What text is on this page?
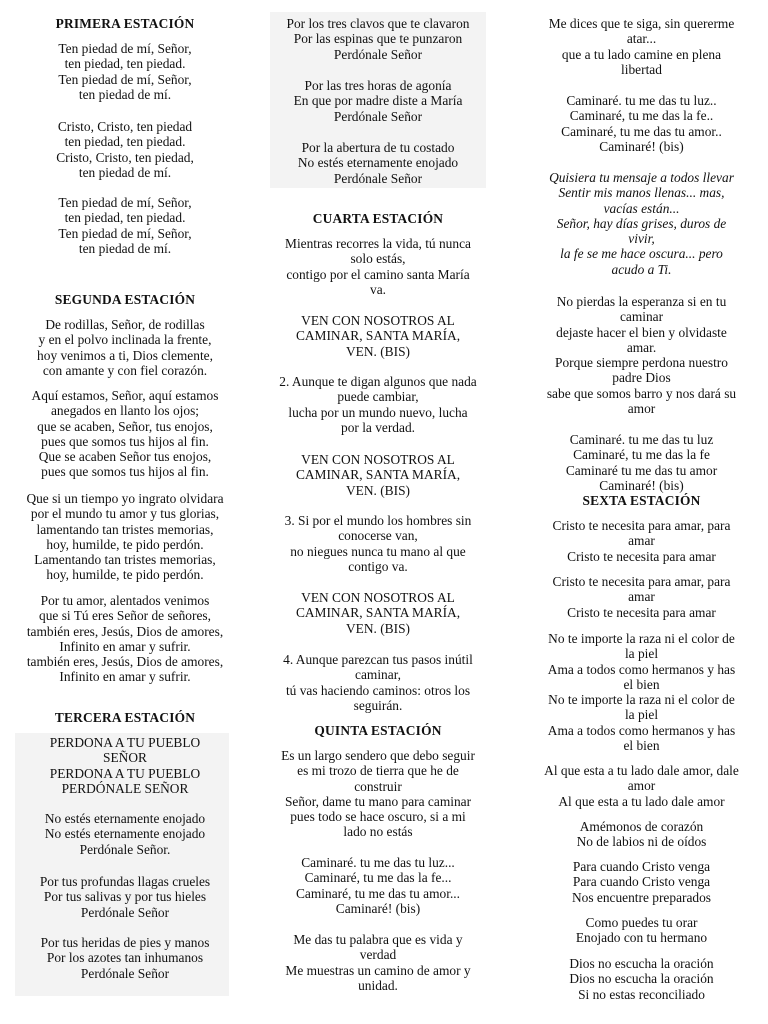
PRIMERA ESTACIÓN
Ten piedad de mí, Señor,
ten piedad, ten piedad.
Ten piedad de mí, Señor,
ten piedad de mí.
Cristo, Cristo, ten piedad
ten piedad, ten piedad.
Cristo, Cristo, ten piedad,
ten piedad de mí.
Ten piedad de mí, Señor,
ten piedad, ten piedad.
Ten piedad de mí, Señor,
ten piedad de mí.
SEGUNDA ESTACIÓN
De rodillas, Señor, de rodillas
y en el polvo inclinada la frente,
hoy venimos a ti, Dios clemente,
con amante y con fiel corazón.
Aquí estamos, Señor, aquí estamos
anegados en llanto los ojos;
que se acaben, Señor, tus enojos,
pues que somos tus hijos al fin.
Que se acaben Señor tus enojos,
pues que somos tus hijos al fin.
Que si un tiempo yo ingrato olvidara
por el mundo tu amor y tus glorias,
lamentando tan tristes memorias,
hoy, humilde, te pido perdón.
Lamentando tan tristes memorias,
hoy, humilde, te pido perdón.
Por tu amor, alentados venimos
que si Tú eres Señor de señores,
también eres, Jesús, Dios de amores,
Infinito en amar y sufrir.
también eres, Jesús, Dios de amores,
Infinito en amar y sufrir.
TERCERA ESTACIÓN
PERDONA A TU PUEBLO
SEÑOR
PERDONA A TU PUEBLO
PERDÓNALE SEÑOR
No estés eternamente enojado
No estés eternamente enojado
Perdónale Señor.
Por tus profundas llagas crueles
Por tus salivas y por tus hieles
Perdónale Señor
Por tus heridas de pies y manos
Por los azotes tan inhumanos
Perdónale Señor
Por los tres clavos que te clavaron
Por las espinas que te punzaron
Perdónale Señor
Por las tres horas de agonía
En que por madre diste a María
Perdónale Señor
Por la abertura de tu costado
No estés eternamente enojado
Perdónale Señor
CUARTA ESTACIÓN
Mientras recorres la vida, tú nunca
solo estás,
contigo por el camino santa María
va.
VEN CON NOSOTROS AL
CAMINAR, SANTA MARÍA,
VEN. (BIS)
2. Aunque te digan algunos que nada
puede cambiar,
lucha por un mundo nuevo, lucha
por la verdad.
VEN CON NOSOTROS AL
CAMINAR, SANTA MARÍA,
VEN. (BIS)
3. Si por el mundo los hombres sin
conocerse van,
no niegues nunca tu mano al que
contigo va.
VEN CON NOSOTROS AL
CAMINAR, SANTA MARÍA,
VEN. (BIS)
4. Aunque parezcan tus pasos inútil
caminar,
tú vas haciendo caminos: otros los
seguirán.
QUINTA ESTACIÓN
Es un largo sendero que debo seguir
es mi trozo de tierra que he de
construir
Señor, dame tu mano para caminar
pues todo se hace oscuro, si a mi
lado no estás
Caminaré. tu me das tu luz...
Caminaré, tu me das la fe...
Caminaré, tu me das tu amor...
Caminaré! (bis)
Me das tu palabra que es vida y
verdad
Me muestras un camino de amor y
unidad.
Me dices que te siga, sin quererme
atar...
que a tu lado camine en plena
libertad
Caminaré. tu me das tu luz..
Caminaré, tu me das la fe..
Caminaré, tu me das tu amor..
Caminaré! (bis)
Quisiera tu mensaje a todos llevar
Sentir mis manos llenas... mas,
vacías están...
Señor, hay días grises, duros de
vivir,
la fe se me hace oscura... pero
acudo a Ti.
No pierdas la esperanza si en tu
caminar
dejaste hacer el bien y olvidaste
amar.
Porque siempre perdona nuestro
padre Dios
sabe que somos barro y nos dará su
amor
Caminaré. tu me das tu luz
Caminaré, tu me das la fe
Caminaré tu me das tu amor
Caminaré! (bis)
SEXTA ESTACIÓN
Cristo te necesita para amar, para
amar
Cristo te necesita para amar
Cristo te necesita para amar, para
amar
Cristo te necesita para amar
No te importe la raza ni el color de
la piel
Ama a todos como hermanos y has
el bien
No te importe la raza ni el color de
la piel
Ama a todos como hermanos y has
el bien
Al que esta a tu lado dale amor, dale
amor
Al que esta a tu lado dale amor
Amémonos de corazón
No de labios ni de oídos
Para cuando Cristo venga
Para cuando Cristo venga
Nos encuentre preparados
Como puedes tu orar
Enojado con tu hermano
Dios no escucha la oración
Dios no escucha la oración
Si no estas reconciliado
